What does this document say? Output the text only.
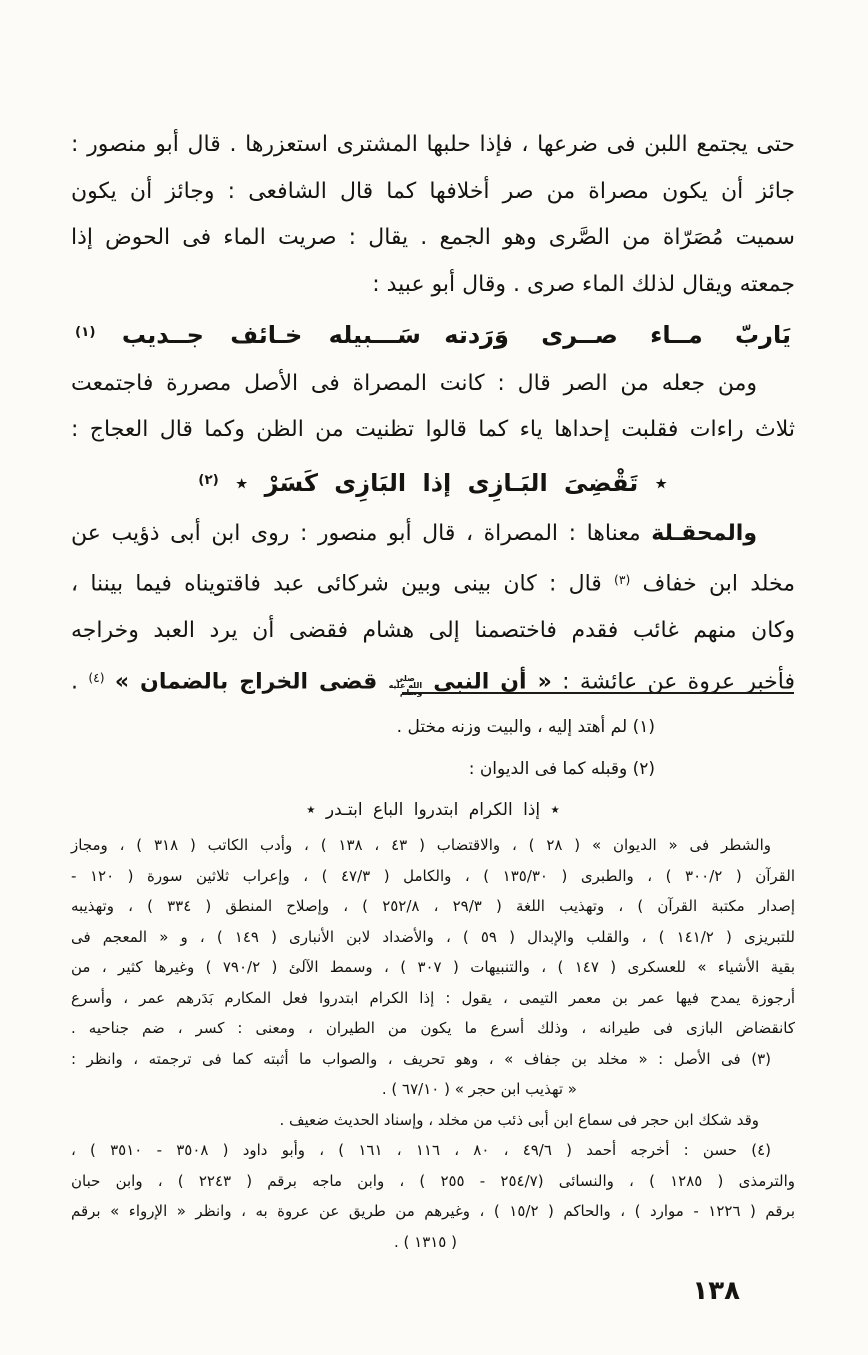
حتى يجتمع اللبن فى ضرعها ، فإذا حلبها المشترى استعزرها . قال أبو منصور :
جائز أن يكون مصراة من صر أخلافها كما قال الشافعى : وجائز أن يكون
سميت مُصَرّاة من الصَّرى وهو الجمع . يقال : صريت الماء فى الحوض إذا
جمعته ويقال لذلك الماء صرى . وقال أبو عبيد :
يَاربّ مــاء صــرى وَرَدته
سَـــبيله خـائف جــديب $^{(١)}$
ومن جعله من الصر قال : كانت المصراة فى الأصل مصررة فاجتمعت
ثلاث راءات فقلبت إحداها ياء كما قالوا تظنيت من الظن وكما قال العجاج :
٭ تَقْضِىَ البَـازِى إذا البَازِى كَسَرْ ٭ $^{(٢)}$
والمحقـلة معناها : المصراة ، قال أبو منصور : روى ابن أبى ذؤيب عن
مخلد ابن خفاف $^{(٣)}$ قال : كان بينى وبين شركائى عبد فاقتويناه فيما بيننا ،
وكان منهم غائب فقدم فاختصمنا إلى هشام فقضى أن يرد العبد وخراجه
فأخبر عروة عن عائشة : « أن النبى صلى الله عليه وسلم قضى الخراج بالضمان » $^{(٤)}$ .
(١) لم أهتد إليه ، والبيت وزنه مختل .
(٢) وقبله كما فى الديوان :
٭ إذا الكرام ابتدروا الباع ابتـدر ٭
والشطر فى « الديوان » ( ٢٨ ) ، والاقتضاب ( ٤٣ ، ١٣٨ ) ، وأدب الكاتب ( ٣١٨ ) ، ومجاز
القرآن ( ٣٠٠/٢ ) ، والطبرى ( ١٣٥/٣٠ ) ، والكامل ( ٤٧/٣ ) ، وإعراب ثلاثين سورة ( ١٢٠ -
إصدار مكتبة القرآن ) ، وتهذيب اللغة ( ٢٩/٣ ، ٢٥٢/٨ ) ، وإصلاح المنطق ( ٣٣٤ ) ، وتهذيبه
للتبريزى ( ١٤١/٢ ) ، والقلب والإبدال ( ٥٩ ) ، والأضداد لابن الأنبارى ( ١٤٩ ) ، و « المعجم فى
بقية الأشياء » للعسكرى ( ١٤٧ ) ، والتنبيهات ( ٣٠٧ ) ، وسمط الآلئ ( ٧٩٠/٢ ) وغيرها كثير ، من
أرجوزة يمدح فيها عمر بن معمر التيمى ، يقول : إذا الكرام ابتدروا فعل المكارم بَدَرهم عمر ، وأسرع
كانقضاض البازى فى طيرانه ، وذلك أسرع ما يكون من الطيران ، ومعنى : كسر ، ضم جناحيه .
(٣) فى الأصل : « مخلد بن جفاف » ، وهو تحريف ، والصواب ما أثبته كما فى ترجمته ، وانظر :
« تهذيب ابن حجر » ( ٦٧/١٠ ) .
وقد شكك ابن حجر فى سماع ابن أبى ذئب من مخلد ، وإسناد الحديث ضعيف .
(٤) حسن : أخرجه أحمد ( ٤٩/٦ ، ٨٠ ، ١١٦ ، ١٦١ ) ، وأبو داود ( ٣٥٠٨ - ٣٥١٠ ) ،
والترمذى ( ١٢٨٥ ) ، والنسائى (٢٥٤/٧ - ٢٥٥ ) ، وابن ماجه برقم ( ٢٢٤٣ ) ، وابن حبان
برقم ( ١٢٢٦ - موارد ) ، والحاكم ( ١٥/٢ ) ، وغيرهم من طريق عن عروة به ، وانظر « الإرواء » برقم
( ١٣١٥ ) .
١٣٨
